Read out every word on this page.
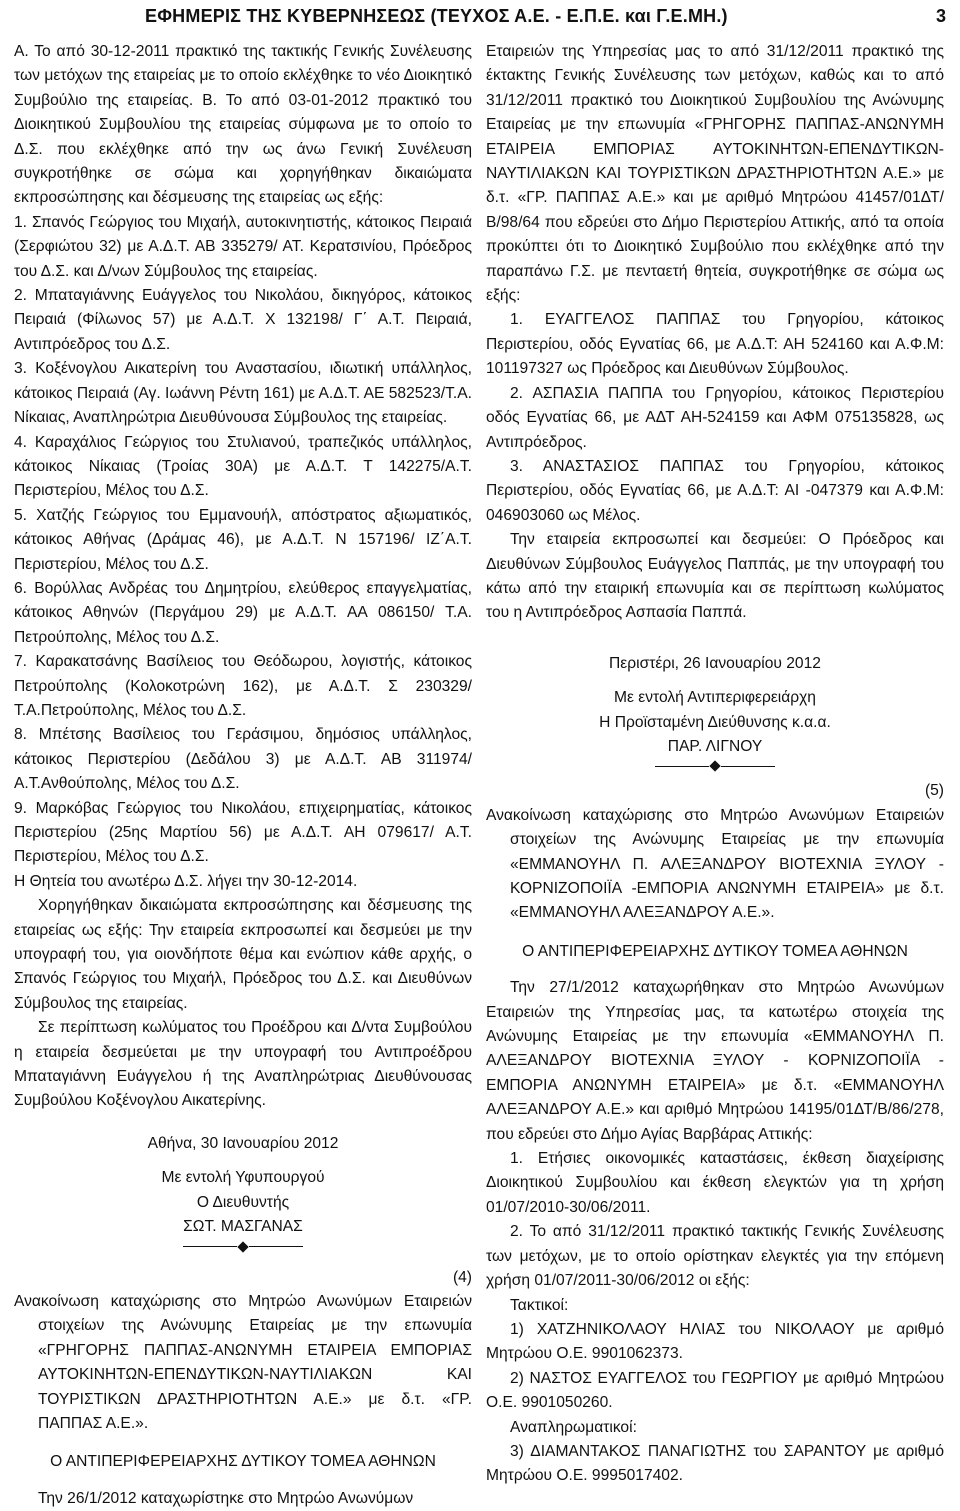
ΕΦΗΜΕΡΙΣ ΤΗΣ ΚΥΒΕΡΝΗΣΕΩΣ (ΤΕΥΧΟΣ Α.Ε. - Ε.Π.Ε. και Γ.Ε.ΜΗ.)	3

Α. Το από 30-12-2011 πρακτικό της τακτικής Γενικής Συνέλευσης των μετόχων της εταιρείας με το οποίο εκλέχθηκε το νέο Διοικητικό Συμβούλιο της εταιρείας. Β. Το από 03-01-2012 πρακτικό του Διοικητικού Συμβουλίου της εταιρείας σύμφωνα με το οποίο το Δ.Σ. που εκλέχθηκε από την ως άνω Γενική Συνέλευση συγκροτήθηκε σε σώμα και χορηγήθηκαν δικαιώματα εκπροσώπησης και δέσμευσης της εταιρείας ως εξής:

1. Σπανός Γεώργιος του Μιχαήλ, αυτοκινητιστής, κάτοικος Πειραιά (Σερφιώτου 32) με Α.Δ.Τ. ΑΒ 335279/ ΑΤ. Κερατσινίου, Πρόεδρος του Δ.Σ. και Δ/νων Σύμβουλος της εταιρείας.

2. Μπαταγιάννης Ευάγγελος του Νικολάου, δικηγόρος, κάτοικος Πειραιά (Φίλωνος 57) με Α.Δ.Τ. Χ 132198/ Γ΄ Α.Τ. Πειραιά, Αντιπρόεδρος του Δ.Σ.

3. Κοξένογλου Αικατερίνη του Αναστασίου, ιδιωτική υπάλληλος, κάτοικος Πειραιά (Αγ. Ιωάννη Ρέντη 161) με Α.Δ.Τ. ΑΕ 582523/Τ.Α. Νίκαιας, Αναπληρώτρια Διευθύνουσα Σύμβουλος της εταιρείας.

4. Καραχάλιος Γεώργιος του Στυλιανού, τραπεζικός υπάλληλος, κάτοικος Νίκαιας (Τροίας 30Α) με Α.Δ.Τ. Τ 142275/Α.Τ. Περιστερίου, Μέλος του Δ.Σ.

5. Χατζής Γεώργιος του Εμμανουήλ, απόστρατος αξιωματικός, κάτοικος Αθήνας (Δράμας 46), με Α.Δ.Τ. Ν 157196/ ΙΖ΄Α.Τ. Περιστερίου, Μέλος του Δ.Σ.

6. Βορύλλας Ανδρέας του Δημητρίου, ελεύθερος επαγγελματίας, κάτοικος Αθηνών (Περγάμου 29) με Α.Δ.Τ. ΑΑ 086150/ Τ.Α. Πετρούπολης, Μέλος του Δ.Σ.

7. Καρακατσάνης Βασίλειος του Θεόδωρου, λογιστής, κάτοικος Πετρούπολης (Κολοκοτρώνη 162), με Α.Δ.Τ. Σ 230329/Τ.Α.Πετρούπολης, Μέλος του Δ.Σ.

8. Μπέτσης Βασίλειος του Γεράσιμου, δημόσιος υπάλληλος, κάτοικος Περιστερίου (Δεδάλου 3) με Α.Δ.Τ. ΑΒ 311974/Α.Τ.Ανθούπολης, Μέλος του Δ.Σ.

9. Μαρκόβας Γεώργιος του Νικολάου, επιχειρηματίας, κάτοικος Περιστερίου (25ης Μαρτίου 56) με Α.Δ.Τ. ΑΗ 079617/ Α.Τ. Περιστερίου, Μέλος του Δ.Σ.

Η Θητεία του ανωτέρω Δ.Σ. λήγει την 30-12-2014.

Χορηγήθηκαν δικαιώματα εκπροσώπησης και δέσμευσης της εταιρείας ως εξής: Την εταιρεία εκπροσωπεί και δεσμεύει με την υπογραφή του, για οιονδήποτε θέμα και ενώπιον κάθε αρχής, ο Σπανός Γεώργιος του Μιχαήλ, Πρόεδρος του Δ.Σ. και Διευθύνων Σύμβουλος της εταιρείας.

Σε περίπτωση κωλύματος του Προέδρου και Δ/ντα Συμβούλου η εταιρεία δεσμεύεται με την υπογραφή του Αντιπροέδρου Μπαταγιάννη Ευάγγελου ή της Αναπληρώτριας Διευθύνουσας Συμβούλου Κοξένογλου Αικατερίνης.

Αθήνα, 30 Ιανουαρίου 2012
Με εντολή Υφυπουργού
Ο Διευθυντής
ΣΩΤ. ΜΑΣΓΑΝΑΣ
(4)

Ανακοίνωση καταχώρισης στο Μητρώο Ανωνύμων Εταιρειών στοιχείων της Ανώνυμης Εταιρείας με την επωνυμία «ΓΡΗΓΟΡΗΣ ΠΑΠΠΑΣ-ΑΝΩΝΥΜΗ ΕΤΑΙΡΕΙΑ ΕΜΠΟΡΙΑΣ ΑΥΤΟΚΙΝΗΤΩΝ-ΕΠΕΝΔΥΤΙΚΩΝ-ΝΑΥΤΙΛΙΑΚΩΝ ΚΑΙ ΤΟΥΡΙΣΤΙΚΩΝ ΔΡΑΣΤΗΡΙΟΤΗΤΩΝ Α.Ε.» με δ.τ. «ΓΡ. ΠΑΠΠΑΣ Α.Ε.».

Ο ΑΝΤΙΠΕΡΙΦΕΡΕΙΑΡΧΗΣ ΔΥΤΙΚΟΥ ΤΟΜΕΑ ΑΘΗΝΩΝ

Την 26/1/2012 καταχωρίστηκε στο Μητρώο Ανωνύμων

Εταιρειών της Υπηρεσίας μας το από 31/12/2011 πρακτικό της έκτακτης Γενικής Συνέλευσης των μετόχων, καθώς και το από 31/12/2011 πρακτικό του Διοικητικού Συμβουλίου της Ανώνυμης Εταιρείας με την επωνυμία «ΓΡΗΓΟΡΗΣ ΠΑΠΠΑΣ-ΑΝΩΝΥΜΗ ΕΤΑΙΡΕΙΑ ΕΜΠΟΡΙΑΣ ΑΥΤΟΚΙΝΗΤΩΝ-ΕΠΕΝΔΥΤΙΚΩΝ-ΝΑΥΤΙΛΙΑΚΩΝ ΚΑΙ ΤΟΥΡΙΣΤΙΚΩΝ ΔΡΑΣΤΗΡΙΟΤΗΤΩΝ Α.Ε.» με δ.τ. «ΓΡ. ΠΑΠΠΑΣ Α.Ε.» και με αριθμό Μητρώου 41457/01ΔΤ/Β/98/64 που εδρεύει στο Δήμο Περιστερίου Αττικής, από τα οποία προκύπτει ότι το Διοικητικό Συμβούλιο που εκλέχθηκε από την παραπάνω Γ.Σ. με πενταετή θητεία, συγκροτήθηκε σε σώμα ως εξής:

1. ΕΥΑΓΓΕΛΟΣ ΠΑΠΠΑΣ του Γρηγορίου, κάτοικος Περιστερίου, οδός Εγνατίας 66, με Α.Δ.Τ: ΑΗ 524160 και Α.Φ.Μ: 101197327 ως Πρόεδρος και Διευθύνων Σύμβουλος.

2. ΑΣΠΑΣΙΑ ΠΑΠΠΑ του Γρηγορίου, κάτοικος Περιστερίου οδός Εγνατίας 66, με ΑΔΤ ΑΗ-524159 και ΑΦΜ 075135828, ως Αντιπρόεδρος.

3. ΑΝΑΣΤΑΣΙΟΣ ΠΑΠΠΑΣ του Γρηγορίου, κάτοικος Περιστερίου, οδός Εγνατίας 66, με Α.Δ.Τ: ΑΙ -047379 και Α.Φ.Μ: 046903060 ως Μέλος.

Την εταιρεία εκπροσωπεί και δεσμεύει: Ο Πρόεδρος και Διευθύνων Σύμβουλος Ευάγγελος Παππάς, με την υπογραφή του κάτω από την εταιρική επωνυμία και σε περίπτωση κωλύματος του η Αντιπρόεδρος Ασπασία Παππά.

Περιστέρι, 26 Ιανουαρίου 2012
Με εντολή Αντιπεριφερειάρχη
Η Προϊσταμένη Διεύθυνσης κ.α.α.
ΠΑΡ. ΛΙΓΝΟΥ
(5)

Ανακοίνωση καταχώρισης στο Μητρώο Ανωνύμων Εταιρειών στοιχείων της Ανώνυμης Εταιρείας με την επωνυμία «ΕΜΜΑΝΟΥΗΛ Π. ΑΛΕΞΑΝΔΡΟΥ ΒΙΟΤΕΧΝΙΑ ΞΥΛΟΥ - ΚΟΡΝΙΖΟΠΟΙΪΑ -ΕΜΠΟΡΙΑ ΑΝΩΝΥΜΗ ΕΤΑΙΡΕΙΑ» με δ.τ. «ΕΜΜΑΝΟΥΗΛ ΑΛΕΞΑΝΔΡΟΥ Α.Ε.».

Ο ΑΝΤΙΠΕΡΙΦΕΡΕΙΑΡΧΗΣ ΔΥΤΙΚΟΥ ΤΟΜΕΑ ΑΘΗΝΩΝ

Την 27/1/2012 καταχωρήθηκαν στο Μητρώο Ανωνύμων Εταιρειών της Υπηρεσίας μας, τα κατωτέρω στοιχεία της Ανώνυμης Εταιρείας με την επωνυμία «ΕΜΜΑΝΟΥΗΛ Π. ΑΛΕΞΑΝΔΡΟΥ ΒΙΟΤΕΧΝΙΑ ΞΥΛΟΥ - ΚΟΡΝΙΖΟΠΟΙΪΑ - ΕΜΠΟΡΙΑ ΑΝΩΝΥΜΗ ΕΤΑΙΡΕΙΑ» με δ.τ. «ΕΜΜΑΝΟΥΗΛ ΑΛΕΞΑΝΔΡΟΥ Α.Ε.» και αριθμό Μητρώου 14195/01ΔΤ/Β/86/278, που εδρεύει στο Δήμο Αγίας Βαρβάρας Αττικής:

1. Ετήσιες οικονομικές καταστάσεις, έκθεση διαχείρισης Διοικητικού Συμβουλίου και έκθεση ελεγκτών για τη χρήση 01/07/2010-30/06/2011.

2. Το από 31/12/2011 πρακτικό τακτικής Γενικής Συνέλευσης των μετόχων, με το οποίο ορίστηκαν ελεγκτές για την επόμενη χρήση 01/07/2011-30/06/2012 οι εξής:

Τακτικοί:

1) ΧΑΤΖΗΝΙΚΟΛΑΟΥ ΗΛΙΑΣ του ΝΙΚΟΛΑΟΥ με αριθμό Μητρώου Ο.Ε. 9901062373.

2) ΝΑΣΤΟΣ ΕΥΑΓΓΕΛΟΣ του ΓΕΩΡΓΙΟΥ με αριθμό Μητρώου Ο.Ε. 9901050260.

Αναπληρωματικοί:

3) ΔΙΑΜΑΝΤΑΚΟΣ ΠΑΝΑΓΙΩΤΗΣ του ΣΑΡΑΝΤΟΥ με αριθμό Μητρώου Ο.Ε. 9995017402.
